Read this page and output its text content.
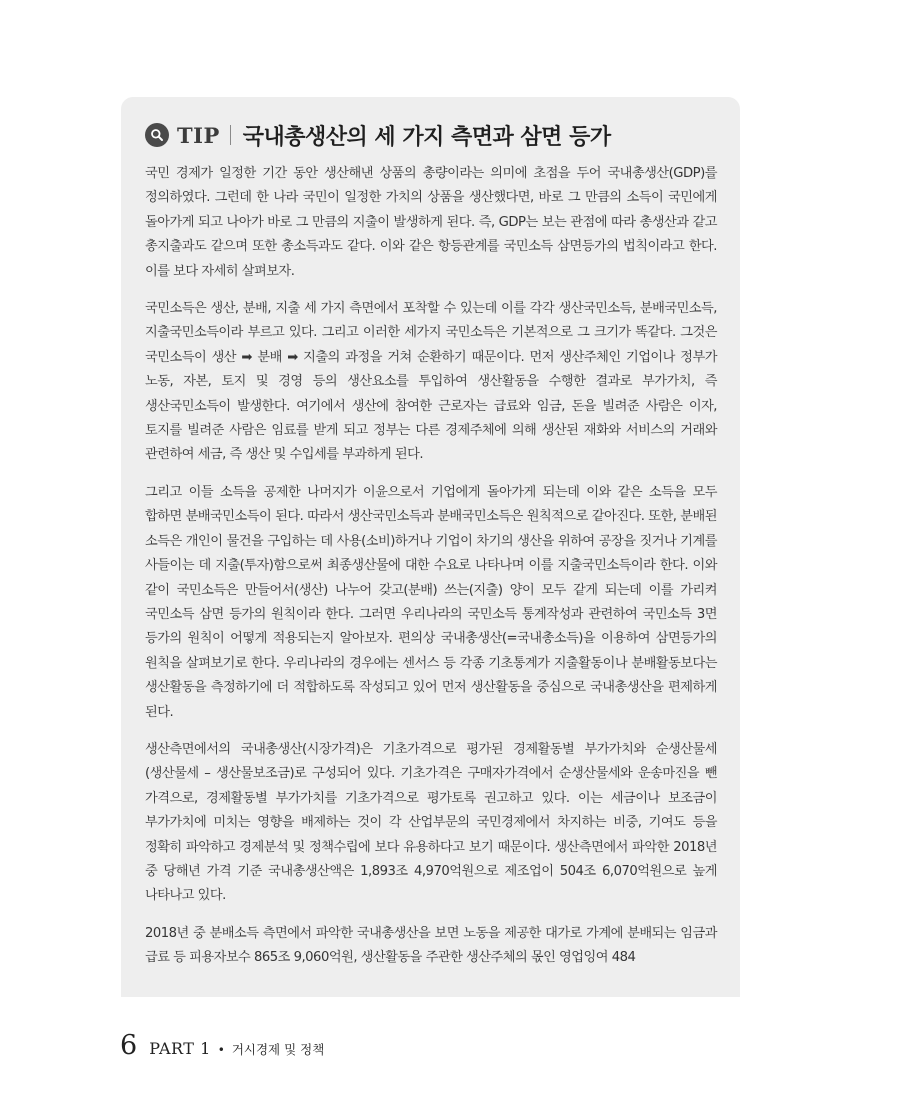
TIP 국내총생산의 세 가지 측면과 삼면 등가

국민 경제가 일정한 기간 동안 생산해낸 상품의 총량이라는 의미에 초점을 두어 국내총생산(GDP)를 정의하였다. 그런데 한 나라 국민이 일정한 가치의 상품을 생산했다면, 바로 그 만큼의 소득이 국민에게 돌아가게 되고 나아가 바로 그 만큼의 지출이 발생하게 된다. 즉, GDP는 보는 관점에 따라 총생산과 같고 총지출과도 같으며 또한 총소득과도 같다. 이와 같은 항등관계를 국민소득 삼면등가의 법칙이라고 한다. 이를 보다 자세히 살펴보자.

국민소득은 생산, 분배, 지출 세 가지 측면에서 포착할 수 있는데 이를 각각 생산국민소득, 분배국민소득, 지출국민소득이라 부르고 있다. 그리고 이러한 세가지 국민소득은 기본적으로 그 크기가 똑같다. 그것은 국민소득이 생산 ➡ 분배 ➡ 지출의 과정을 거쳐 순환하기 때문이다. 먼저 생산주체인 기업이나 정부가 노동, 자본, 토지 및 경영 등의 생산요소를 투입하여 생산활동을 수행한 결과로 부가가치, 즉 생산국민소득이 발생한다. 여기에서 생산에 참여한 근로자는 급료와 임금, 돈을 빌려준 사람은 이자, 토지를 빌려준 사람은 임료를 받게 되고 정부는 다른 경제주체에 의해 생산된 재화와 서비스의 거래와 관련하여 세금, 즉 생산 및 수입세를 부과하게 된다.

그리고 이들 소득을 공제한 나머지가 이윤으로서 기업에게 돌아가게 되는데 이와 같은 소득을 모두 합하면 분배국민소득이 된다. 따라서 생산국민소득과 분배국민소득은 원칙적으로 같아진다. 또한, 분배된 소득은 개인이 물건을 구입하는 데 사용(소비)하거나 기업이 차기의 생산을 위하여 공장을 짓거나 기계를 사들이는 데 지출(투자)함으로써 최종생산물에 대한 수요로 나타나며 이를 지출국민소득이라 한다. 이와 같이 국민소득은 만들어서(생산) 나누어 갖고(분배) 쓰는(지출) 양이 모두 같게 되는데 이를 가리켜 국민소득 삼면 등가의 원칙이라 한다. 그러면 우리나라의 국민소득 통계작성과 관련하여 국민소득 3면 등가의 원칙이 어떻게 적용되는지 알아보자. 편의상 국내총생산(=국내총소득)을 이용하여 삼면등가의 원칙을 살펴보기로 한다. 우리나라의 경우에는 센서스 등 각종 기초통계가 지출활동이나 분배활동보다는 생산활동을 측정하기에 더 적합하도록 작성되고 있어 먼저 생산활동을 중심으로 국내총생산을 편제하게 된다.

생산측면에서의 국내총생산(시장가격)은 기초가격으로 평가된 경제활동별 부가가치와 순생산물세(생산물세 – 생산물보조금)로 구성되어 있다. 기초가격은 구매자가격에서 순생산물세와 운송마진을 뺀 가격으로, 경제활동별 부가가치를 기초가격으로 평가토록 권고하고 있다. 이는 세금이나 보조금이 부가가치에 미치는 영향을 배제하는 것이 각 산업부문의 국민경제에서 차지하는 비중, 기여도 등을 정확히 파악하고 경제분석 및 정책수립에 보다 유용하다고 보기 때문이다. 생산측면에서 파악한 2018년 중 당해년 가격 기준 국내총생산액은 1,893조 4,970억원으로 제조업이 504조 6,070억원으로 높게 나타나고 있다.

2018년 중 분배소득 측면에서 파악한 국내총생산을 보면 노동을 제공한 대가로 가계에 분배되는 임금과 급료 등 피용자보수 865조 9,060억원, 생산활동을 주관한 생산주체의 몫인 영업잉여 484

6 PART 1 • 거시경제 및 정책
